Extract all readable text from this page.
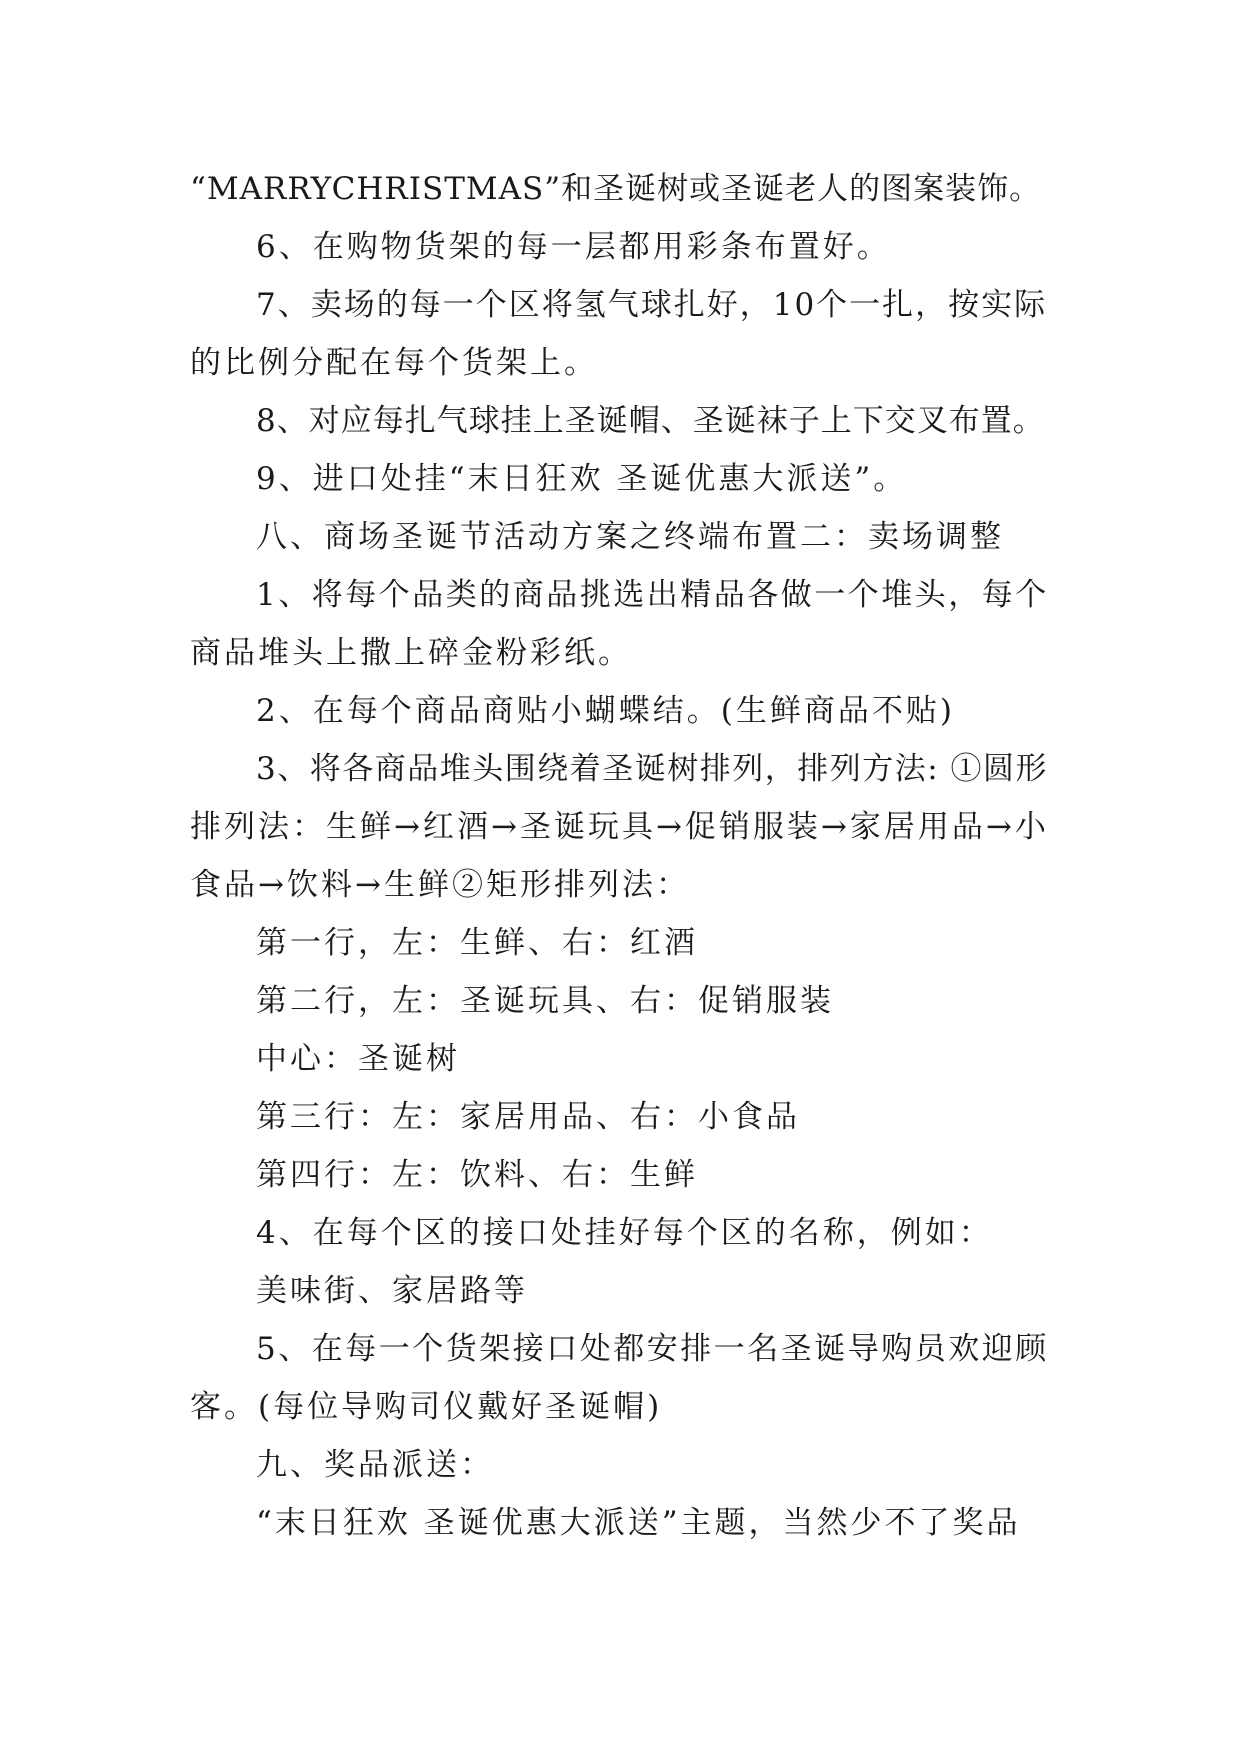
“MARRYCHRISTMAS”和圣诞树或圣诞老人的图案装饰。
6、在购物货架的每一层都用彩条布置好。
7、卖场的每一个区将氢气球扎好，10个一扎，按实际
的比例分配在每个货架上。
8、对应每扎气球挂上圣诞帽、圣诞袜子上下交叉布置。
9、进口处挂“末日狂欢 圣诞优惠大派送”。
八、商场圣诞节活动方案之终端布置二：卖场调整
1、将每个品类的商品挑选出精品各做一个堆头，每个
商品堆头上撒上碎金粉彩纸。
2、在每个商品商贴小蝴蝶结。(生鲜商品不贴)
3、将各商品堆头围绕着圣诞树排列，排列方法: ①圆形
排列法：生鲜→红酒→圣诞玩具→促销服装→家居用品→小
食品→饮料→生鲜②矩形排列法：
第一行，左：生鲜、右：红酒
第二行，左：圣诞玩具、右：促销服装
中心：圣诞树
第三行：左：家居用品、右：小食品
第四行：左：饮料、右：生鲜
4、在每个区的接口处挂好每个区的名称，例如：
美味街、家居路等
5、在每一个货架接口处都安排一名圣诞导购员欢迎顾
客。(每位导购司仪戴好圣诞帽)
九、奖品派送：
“末日狂欢 圣诞优惠大派送”主题，当然少不了奖品
